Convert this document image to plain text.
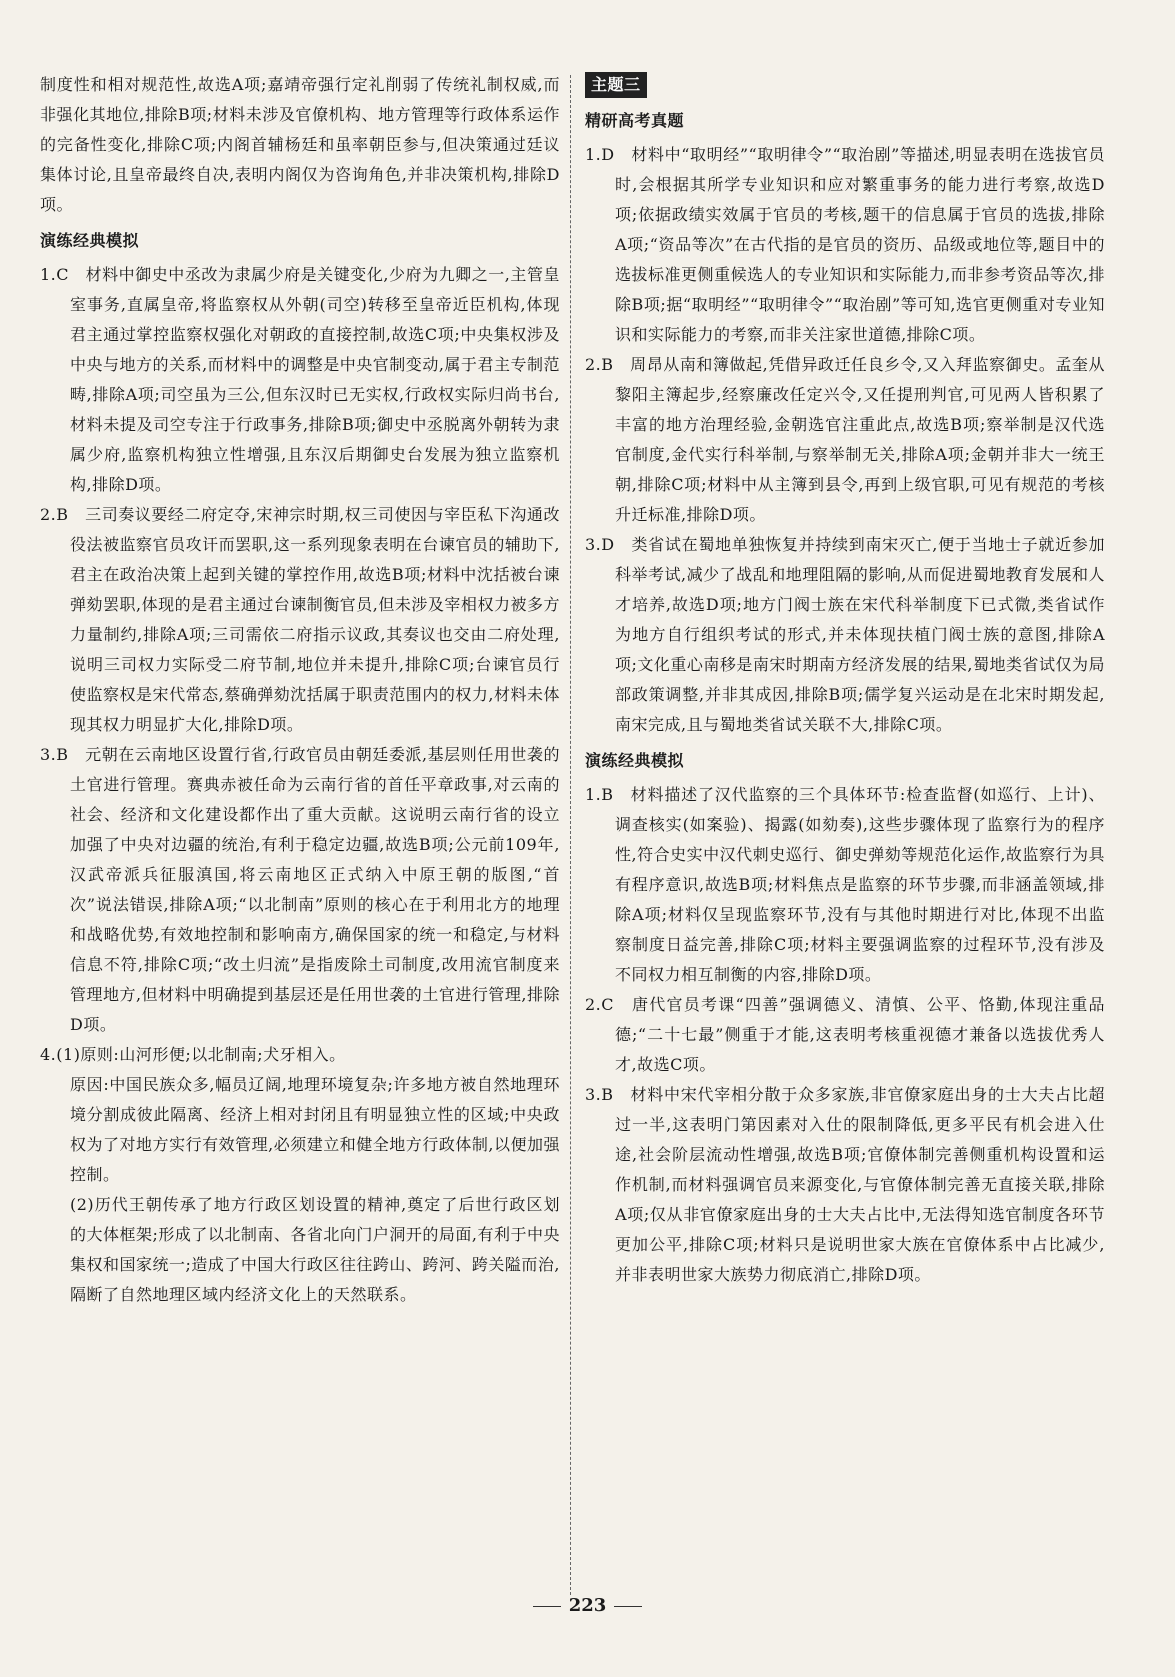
制度性和相对规范性,故选A项;嘉靖帝强行定礼削弱了传统礼制权威,而非强化其地位,排除B项;材料未涉及官僚机构、地方管理等行政体系运作的完备性变化,排除C项;内阁首辅杨廷和虽率朝臣参与,但决策通过廷议集体讨论,且皇帝最终自决,表明内阁仅为咨询角色,并非决策机构,排除D项。

演练经典模拟

1.C　材料中御史中丞改为隶属少府是关键变化,少府为九卿之一,主管皇室事务,直属皇帝,将监察权从外朝(司空)转移至皇帝近臣机构,体现君主通过掌控监察权强化对朝政的直接控制,故选C项;中央集权涉及中央与地方的关系,而材料中的调整是中央官制变动,属于君主专制范畴,排除A项;司空虽为三公,但东汉时已无实权,行政权实际归尚书台,材料未提及司空专注于行政事务,排除B项;御史中丞脱离外朝转为隶属少府,监察机构独立性增强,且东汉后期御史台发展为独立监察机构,排除D项。

2.B　三司奏议要经二府定夺,宋神宗时期,权三司使因与宰臣私下沟通改役法被监察官员攻讦而罢职,这一系列现象表明在台谏官员的辅助下,君主在政治决策上起到关键的掌控作用,故选B项;材料中沈括被台谏弹劾罢职,体现的是君主通过台谏制衡官员,但未涉及宰相权力被多方力量制约,排除A项;三司需依二府指示议政,其奏议也交由二府处理,说明三司权力实际受二府节制,地位并未提升,排除C项;台谏官员行使监察权是宋代常态,蔡确弹劾沈括属于职责范围内的权力,材料未体现其权力明显扩大化,排除D项。

3.B　元朝在云南地区设置行省,行政官员由朝廷委派,基层则任用世袭的土官进行管理。赛典赤被任命为云南行省的首任平章政事,对云南的社会、经济和文化建设都作出了重大贡献。这说明云南行省的设立加强了中央对边疆的统治,有利于稳定边疆,故选B项;公元前109年,汉武帝派兵征服滇国,将云南地区正式纳入中原王朝的版图,“首次”说法错误,排除A项;“以北制南”原则的核心在于利用北方的地理和战略优势,有效地控制和影响南方,确保国家的统一和稳定,与材料信息不符,排除C项;“改土归流”是指废除土司制度,改用流官制度来管理地方,但材料中明确提到基层还是任用世袭的土官进行管理,排除D项。

4.(1)原则:山河形便;以北制南;犬牙相入。

原因:中国民族众多,幅员辽阔,地理环境复杂;许多地方被自然地理环境分割成彼此隔离、经济上相对封闭且有明显独立性的区域;中央政权为了对地方实行有效管理,必须建立和健全地方行政体制,以便加强控制。

(2)历代王朝传承了地方行政区划设置的精神,奠定了后世行政区划的大体框架;形成了以北制南、各省北向门户洞开的局面,有利于中央集权和国家统一;造成了中国大行政区往往跨山、跨河、跨关隘而治,隔断了自然地理区域内经济文化上的天然联系。

主题三
精研高考真题

1.D　材料中“取明经”“取明律令”“取治剧”等描述,明显表明在选拔官员时,会根据其所学专业知识和应对繁重事务的能力进行考察,故选D项;依据政绩实效属于官员的考核,题干的信息属于官员的选拔,排除A项;“资品等次”在古代指的是官员的资历、品级或地位等,题目中的选拔标准更侧重候选人的专业知识和实际能力,而非参考资品等次,排除B项;据“取明经”“取明律令”“取治剧”等可知,选官更侧重对专业知识和实际能力的考察,而非关注家世道德,排除C项。

2.B　周昂从南和簿做起,凭借异政迁任良乡令,又入拜监察御史。孟奎从黎阳主簿起步,经察廉改任定兴令,又任提刑判官,可见两人皆积累了丰富的地方治理经验,金朝选官注重此点,故选B项;察举制是汉代选官制度,金代实行科举制,与察举制无关,排除A项;金朝并非大一统王朝,排除C项;材料中从主簿到县令,再到上级官职,可见有规范的考核升迁标准,排除D项。

3.D　类省试在蜀地单独恢复并持续到南宋灭亡,便于当地士子就近参加科举考试,减少了战乱和地理阻隔的影响,从而促进蜀地教育发展和人才培养,故选D项;地方门阀士族在宋代科举制度下已式微,类省试作为地方自行组织考试的形式,并未体现扶植门阀士族的意图,排除A项;文化重心南移是南宋时期南方经济发展的结果,蜀地类省试仅为局部政策调整,并非其成因,排除B项;儒学复兴运动是在北宋时期发起,南宋完成,且与蜀地类省试关联不大,排除C项。

演练经典模拟

1.B　材料描述了汉代监察的三个具体环节:检查监督(如巡行、上计)、调查核实(如案验)、揭露(如劾奏),这些步骤体现了监察行为的程序性,符合史实中汉代刺史巡行、御史弹劾等规范化运作,故监察行为具有程序意识,故选B项;材料焦点是监察的环节步骤,而非涵盖领域,排除A项;材料仅呈现监察环节,没有与其他时期进行对比,体现不出监察制度日益完善,排除C项;材料主要强调监察的过程环节,没有涉及不同权力相互制衡的内容,排除D项。

2.C　唐代官员考课“四善”强调德义、清慎、公平、恪勤,体现注重品德;“二十七最”侧重于才能,这表明考核重视德才兼备以选拔优秀人才,故选C项。

3.B　材料中宋代宰相分散于众多家族,非官僚家庭出身的士大夫占比超过一半,这表明门第因素对入仕的限制降低,更多平民有机会进入仕途,社会阶层流动性增强,故选B项;官僚体制完善侧重机构设置和运作机制,而材料强调官员来源变化,与官僚体制完善无直接关联,排除A项;仅从非官僚家庭出身的士大夫占比中,无法得知选官制度各环节更加公平,排除C项;材料只是说明世家大族在官僚体系中占比减少,并非表明世家大族势力彻底消亡,排除D项。

223
